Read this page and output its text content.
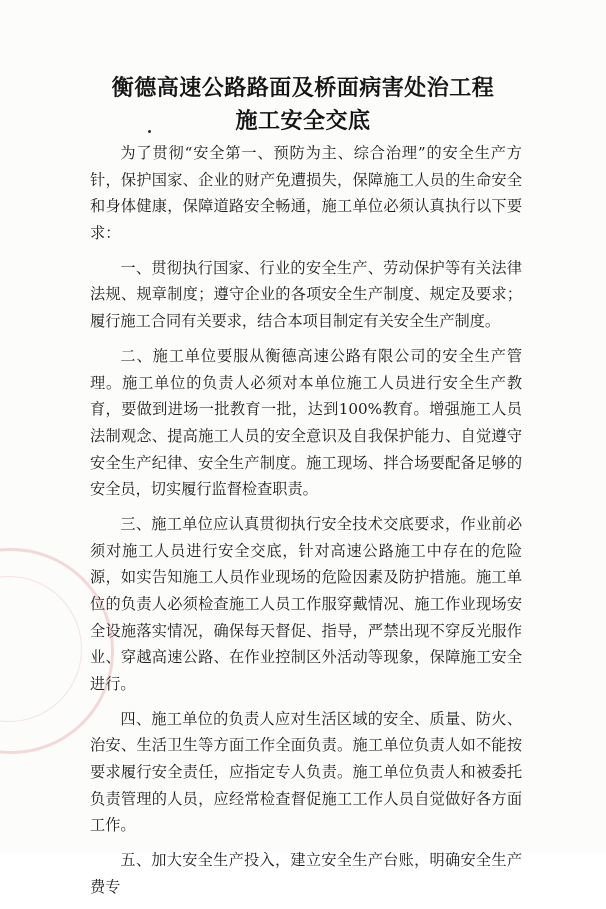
衡德高速公路路面及桥面病害处治工程
施工安全交底

为了贯彻“安全第一、预防为主、综合治理”的安全生产方针，保护国家、企业的财产免遭损失，保障施工人员的生命安全和身体健康，保障道路安全畅通，施工单位必须认真执行以下要求：

一、贯彻执行国家、行业的安全生产、劳动保护等有关法律法规、规章制度；遵守企业的各项安全生产制度、规定及要求；履行施工合同有关要求，结合本项目制定有关安全生产制度。

二、施工单位要服从衡德高速公路有限公司的安全生产管理。施工单位的负责人必须对本单位施工人员进行安全生产教育，要做到进场一批教育一批，达到100%教育。增强施工人员法制观念、提高施工人员的安全意识及自我保护能力、自觉遵守安全生产纪律、安全生产制度。施工现场、拌合场要配备足够的安全员，切实履行监督检查职责。

三、施工单位应认真贯彻执行安全技术交底要求，作业前必须对施工人员进行安全交底，针对高速公路施工中存在的危险源，如实告知施工人员作业现场的危险因素及防护措施。施工单位的负责人必须检查施工人员工作服穿戴情况、施工作业现场安全设施落实情况，确保每天督促、指导，严禁出现不穿反光服作业、穿越高速公路、在作业控制区外活动等现象，保障施工安全进行。

四、施工单位的负责人应对生活区域的安全、质量、防火、治安、生活卫生等方面工作全面负责。施工单位负责人如不能按要求履行安全责任，应指定专人负责。施工单位负责人和被委托负责管理的人员，应经常检查督促施工工作人员自觉做好各方面工作。

五、加大安全生产投入，建立安全生产台账，明确安全生产费专
